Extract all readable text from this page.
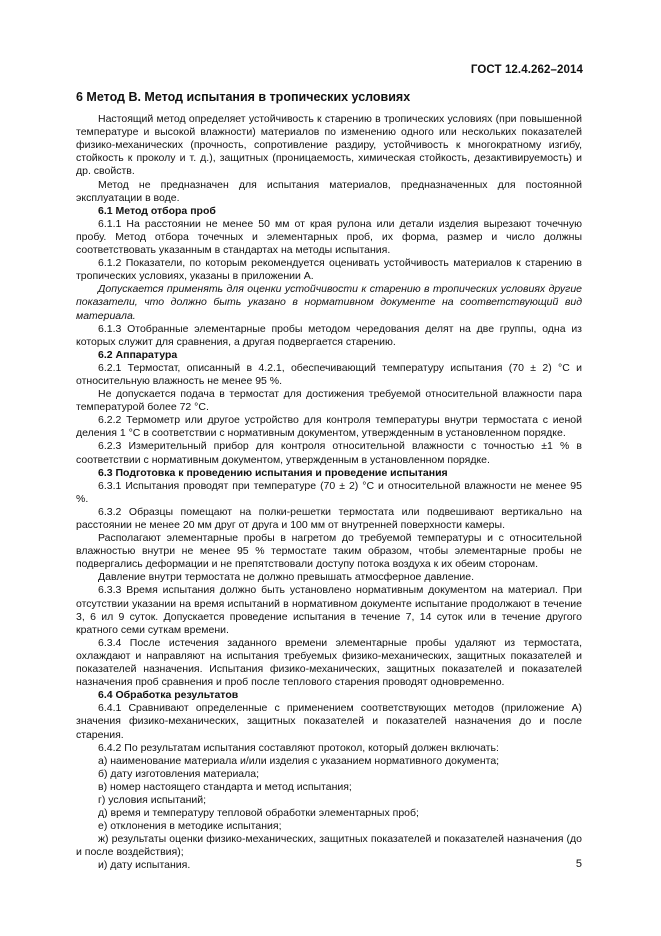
ГОСТ 12.4.262–2014
6 Метод В. Метод испытания в тропических условиях

Настоящий метод определяет устойчивость к старению в тропических условиях (при повышенной температуре и высокой влажности) материалов по изменению одного или нескольких показателей физико-механических (прочность, сопротивление раздиру, устойчивость к многократному изгибу, стойкость к проколу и т. д.), защитных (проницаемость, химическая стойкость, дезактивируемость) и др. свойств.

Метод не предназначен для испытания материалов, предназначенных для постоянной эксплуатации в воде.

6.1 Метод отбора проб

6.1.1 На расстоянии не менее 50 мм от края рулона или детали изделия вырезают точечную пробу. Метод отбора точечных и элементарных проб, их форма, размер и число должны соответствовать указанным в стандартах на методы испытания.

6.1.2 Показатели, по которым рекомендуется оценивать устойчивость материалов к старению в тропических условиях, указаны в приложении А.

Допускается применять для оценки устойчивости к старению в тропических условиях другие показатели, что должно быть указано в нормативном документе на соответствующий вид материала.

6.1.3 Отобранные элементарные пробы методом чередования делят на две группы, одна из которых служит для сравнения, а другая подвергается старению.

6.2 Аппаратура

6.2.1 Термостат, описанный в 4.2.1, обеспечивающий температуру испытания (70 ± 2) °С и относительную влажность не менее 95 %.

Не допускается подача в термостат для достижения требуемой относительной влажности пара температурой более 72 °С.

6.2.2 Термометр или другое устройство для контроля температуры внутри термостата с иеной деления 1 °С в соответствии с нормативным документом, утвержденным в установленном порядке.

6.2.3 Измерительный прибор для контроля относительной влажности с точностью ±1 % в соответствии с нормативным документом, утвержденным в установленном порядке.

6.3 Подготовка к проведению испытания и проведение испытания

6.3.1 Испытания проводят при температуре (70 ± 2) °С и относительной влажности не менее 95 %.

6.3.2 Образцы помещают на полки-решетки термостата или подвешивают вертикально на расстоянии не менее 20 мм друг от друга и 100 мм от внутренней поверхности камеры.

Располагают элементарные пробы в нагретом до требуемой температуры и с относительной влажностью внутри не менее 95 % термостате таким образом, чтобы элементарные пробы не подвергались деформации и не препятствовали доступу потока воздуха к их обеим сторонам.

Давление внутри термостата не должно превышать атмосферное давление.

6.3.3 Время испытания должно быть установлено нормативным документом на материал. При отсутствии указании на время испытаний в нормативном документе испытание продолжают в течение 3, 6 ил 9 суток. Допускается проведение испытания в течение 7, 14 суток или в течение другого кратного семи суткам времени.

6.3.4 После истечения заданного времени элементарные пробы удаляют из термостата, охлаждают и направляют на испытания требуемых физико-механических, защитных показателей и показателей назначения. Испытания физико-механических, защитных показателей и показателей назначения проб сравнения и проб после теплового старения проводят одновременно.

6.4 Обработка результатов

6.4.1 Сравнивают определенные с применением соответствующих методов (приложение А) значения физико-механических, защитных показателей и показателей назначения до и после старения.

6.4.2 По результатам испытания составляют протокол, который должен включать:

а) наименование материала и/или изделия с указанием нормативного документа;

б) дату изготовления материала;

в) номер настоящего стандарта и метод испытания;

г) условия испытаний;

д) время и температуру тепловой обработки элементарных проб;

е) отклонения в методике испытания;

ж) результаты оценки физико-механических, защитных показателей и показателей назначения (до и после воздействия);

и) дату испытания.	5
